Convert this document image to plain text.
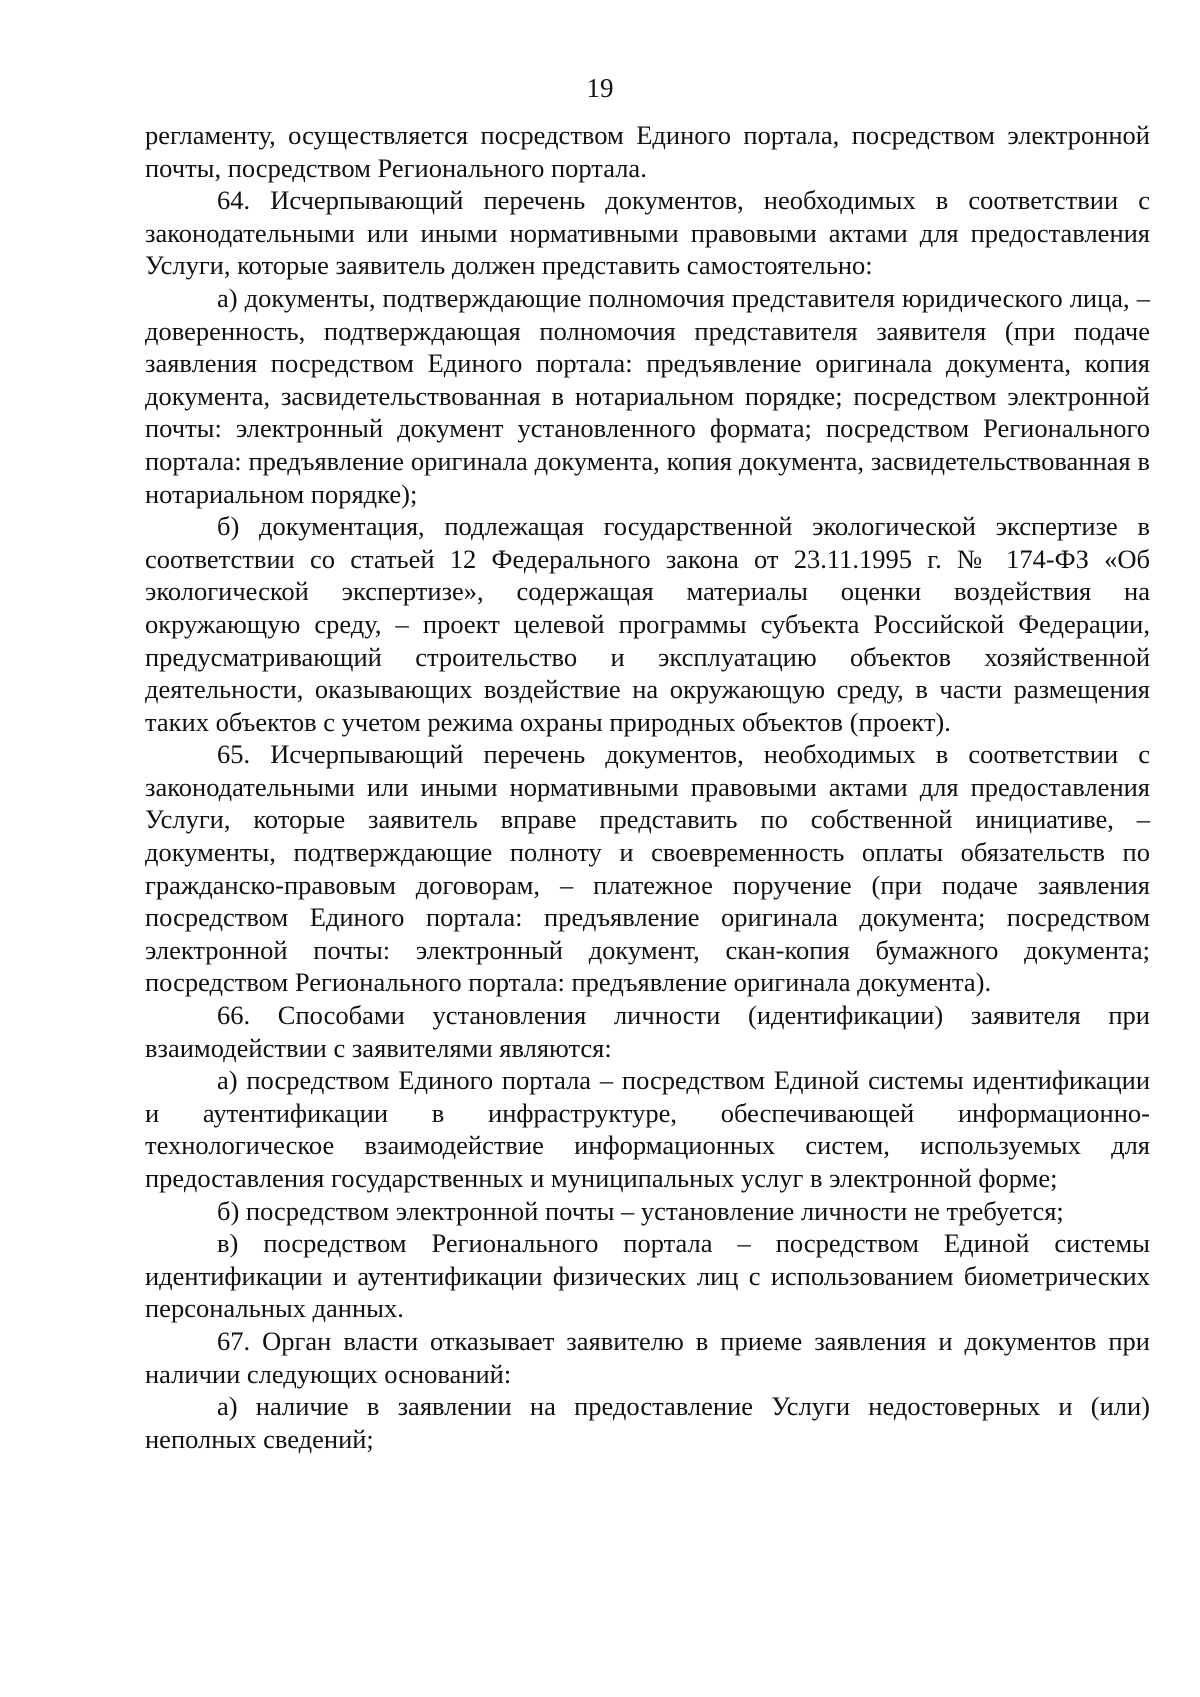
19

регламенту, осуществляется посредством Единого портала, посредством электронной почты, посредством Регионального портала.

64. Исчерпывающий перечень документов, необходимых в соответствии с законодательными или иными нормативными правовыми актами для предоставления Услуги, которые заявитель должен представить самостоятельно:

а) документы, подтверждающие полномочия представителя юридического лица, – доверенность, подтверждающая полномочия представителя заявителя (при подаче заявления посредством Единого портала: предъявление оригинала документа, копия документа, засвидетельствованная в нотариальном порядке; посредством электронной почты: электронный документ установленного формата; посредством Регионального портала: предъявление оригинала документа, копия документа, засвидетельствованная в нотариальном порядке);

б) документация, подлежащая государственной экологической экспертизе в соответствии со статьей 12 Федерального закона от 23.11.1995 г. № 174-ФЗ «Об экологической экспертизе», содержащая материалы оценки воздействия на окружающую среду, – проект целевой программы субъекта Российской Федерации, предусматривающий строительство и эксплуатацию объектов хозяйственной деятельности, оказывающих воздействие на окружающую среду, в части размещения таких объектов с учетом режима охраны природных объектов (проект).

65. Исчерпывающий перечень документов, необходимых в соответствии с законодательными или иными нормативными правовыми актами для предоставления Услуги, которые заявитель вправе представить по собственной инициативе, – документы, подтверждающие полноту и своевременность оплаты обязательств по гражданско-правовым договорам, – платежное поручение (при подаче заявления посредством Единого портала: предъявление оригинала документа; посредством электронной почты: электронный документ, скан-копия бумажного документа; посредством Регионального портала: предъявление оригинала документа).

66. Способами установления личности (идентификации) заявителя при взаимодействии с заявителями являются:

а) посредством Единого портала – посредством Единой системы идентификации и аутентификации в инфраструктуре, обеспечивающей информационно-технологическое взаимодействие информационных систем, используемых для предоставления государственных и муниципальных услуг в электронной форме;

б) посредством электронной почты – установление личности не требуется;

в) посредством Регионального портала – посредством Единой системы идентификации и аутентификации физических лиц с использованием биометрических персональных данных.

67. Орган власти отказывает заявителю в приеме заявления и документов при наличии следующих оснований:

а) наличие в заявлении на предоставление Услуги недостоверных и (или) неполных сведений;
